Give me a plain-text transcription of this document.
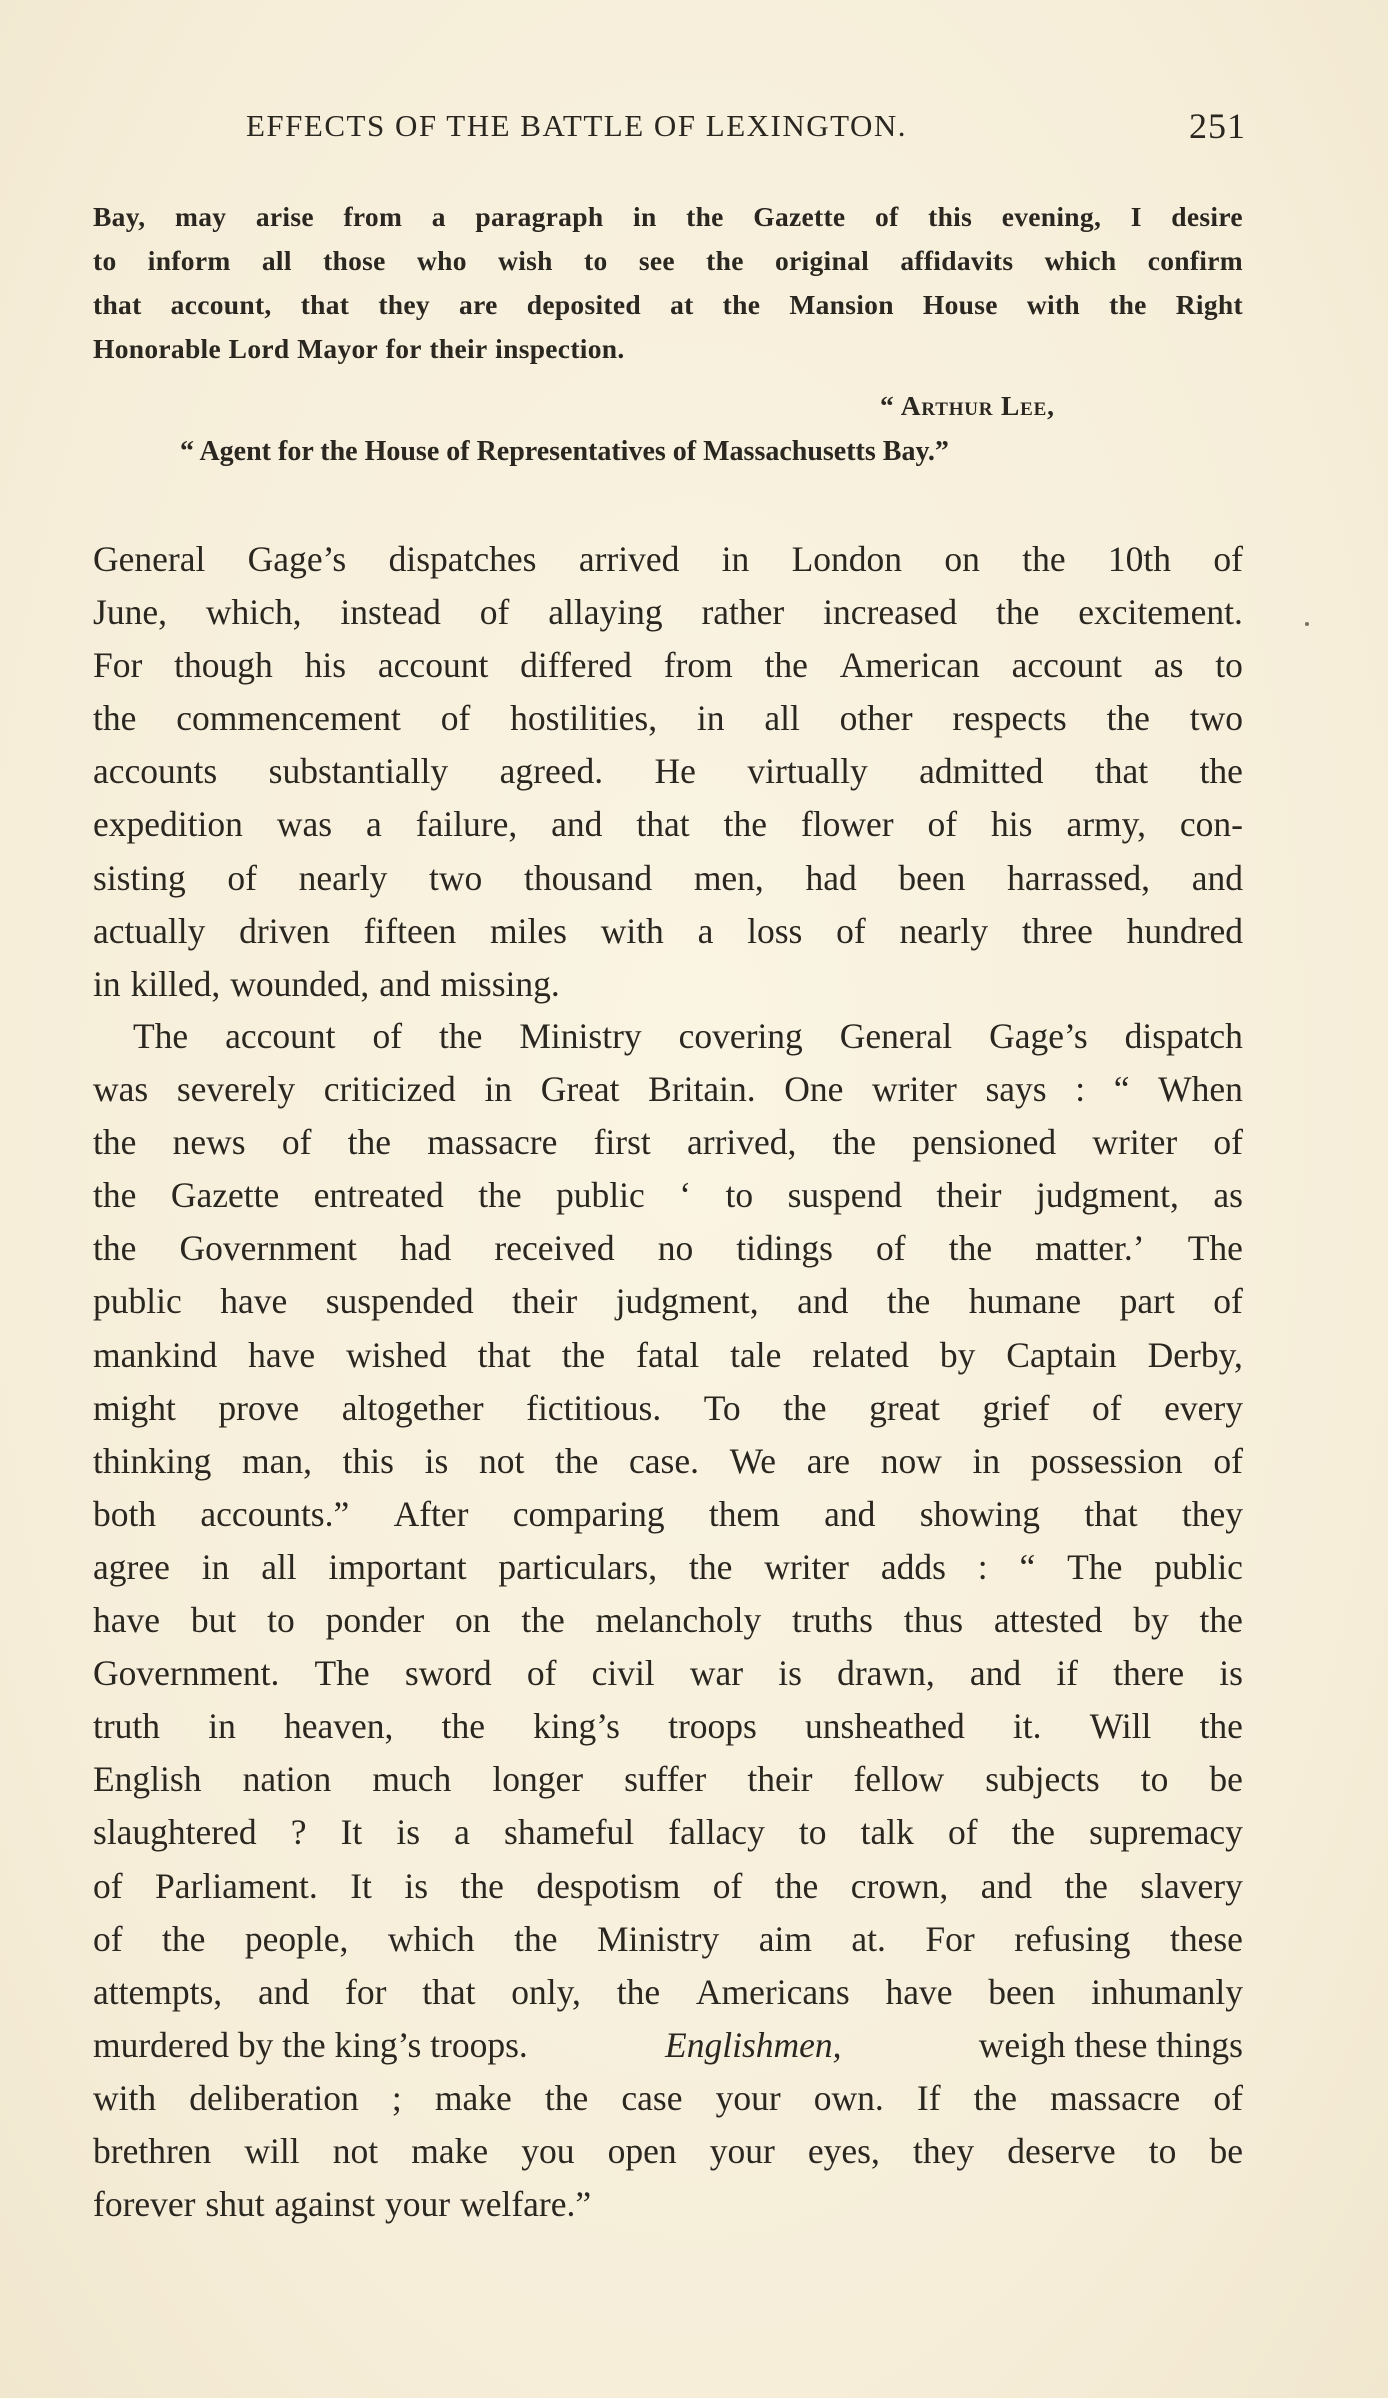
EFFECTS OF THE BATTLE OF LEXINGTON.	251
Bay, may arise from a paragraph in the Gazette of this evening, I desire
to inform all those who wish to see the original affidavits which confirm
that account, that they are deposited at the Mansion House with the Right
Honorable Lord Mayor for their inspection.
“ Arthur Lee,
“ Agent for the House of Representatives of Massachusetts Bay.”
General Gage’s dispatches arrived in London on the 10th of
June, which, instead of allaying rather increased the excitement.
For though his account differed from the American account as to
the commencement of hostilities, in all other respects the two
accounts substantially agreed. He virtually admitted that the
expedition was a failure, and that the flower of his army, con-
sisting of nearly two thousand men, had been harrassed, and
actually driven fifteen miles with a loss of nearly three hundred
in killed, wounded, and missing.
The account of the Ministry covering General Gage’s dispatch
was severely criticized in Great Britain. One writer says : “ When
the news of the massacre first arrived, the pensioned writer of
the Gazette entreated the public ‘ to suspend their judgment, as
the Government had received no tidings of the matter.’ The
public have suspended their judgment, and the humane part of
mankind have wished that the fatal tale related by Captain Derby,
might prove altogether fictitious. To the great grief of every
thinking man, this is not the case. We are now in possession of
both accounts.” After comparing them and showing that they
agree in all important particulars, the writer adds : “ The public
have but to ponder on the melancholy truths thus attested by the
Government. The sword of civil war is drawn, and if there is
truth in heaven, the king’s troops unsheathed it. Will the
English nation much longer suffer their fellow subjects to be
slaughtered ? It is a shameful fallacy to talk of the supremacy
of Parliament. It is the despotism of the crown, and the slavery
of the people, which the Ministry aim at. For refusing these
attempts, and for that only, the Americans have been inhumanly
murdered by the king’s troops.	Englishmen,	weigh these things
with deliberation ; make the case your own. If the massacre of
brethren will not make you open your eyes, they deserve to be
forever shut against your welfare.”
